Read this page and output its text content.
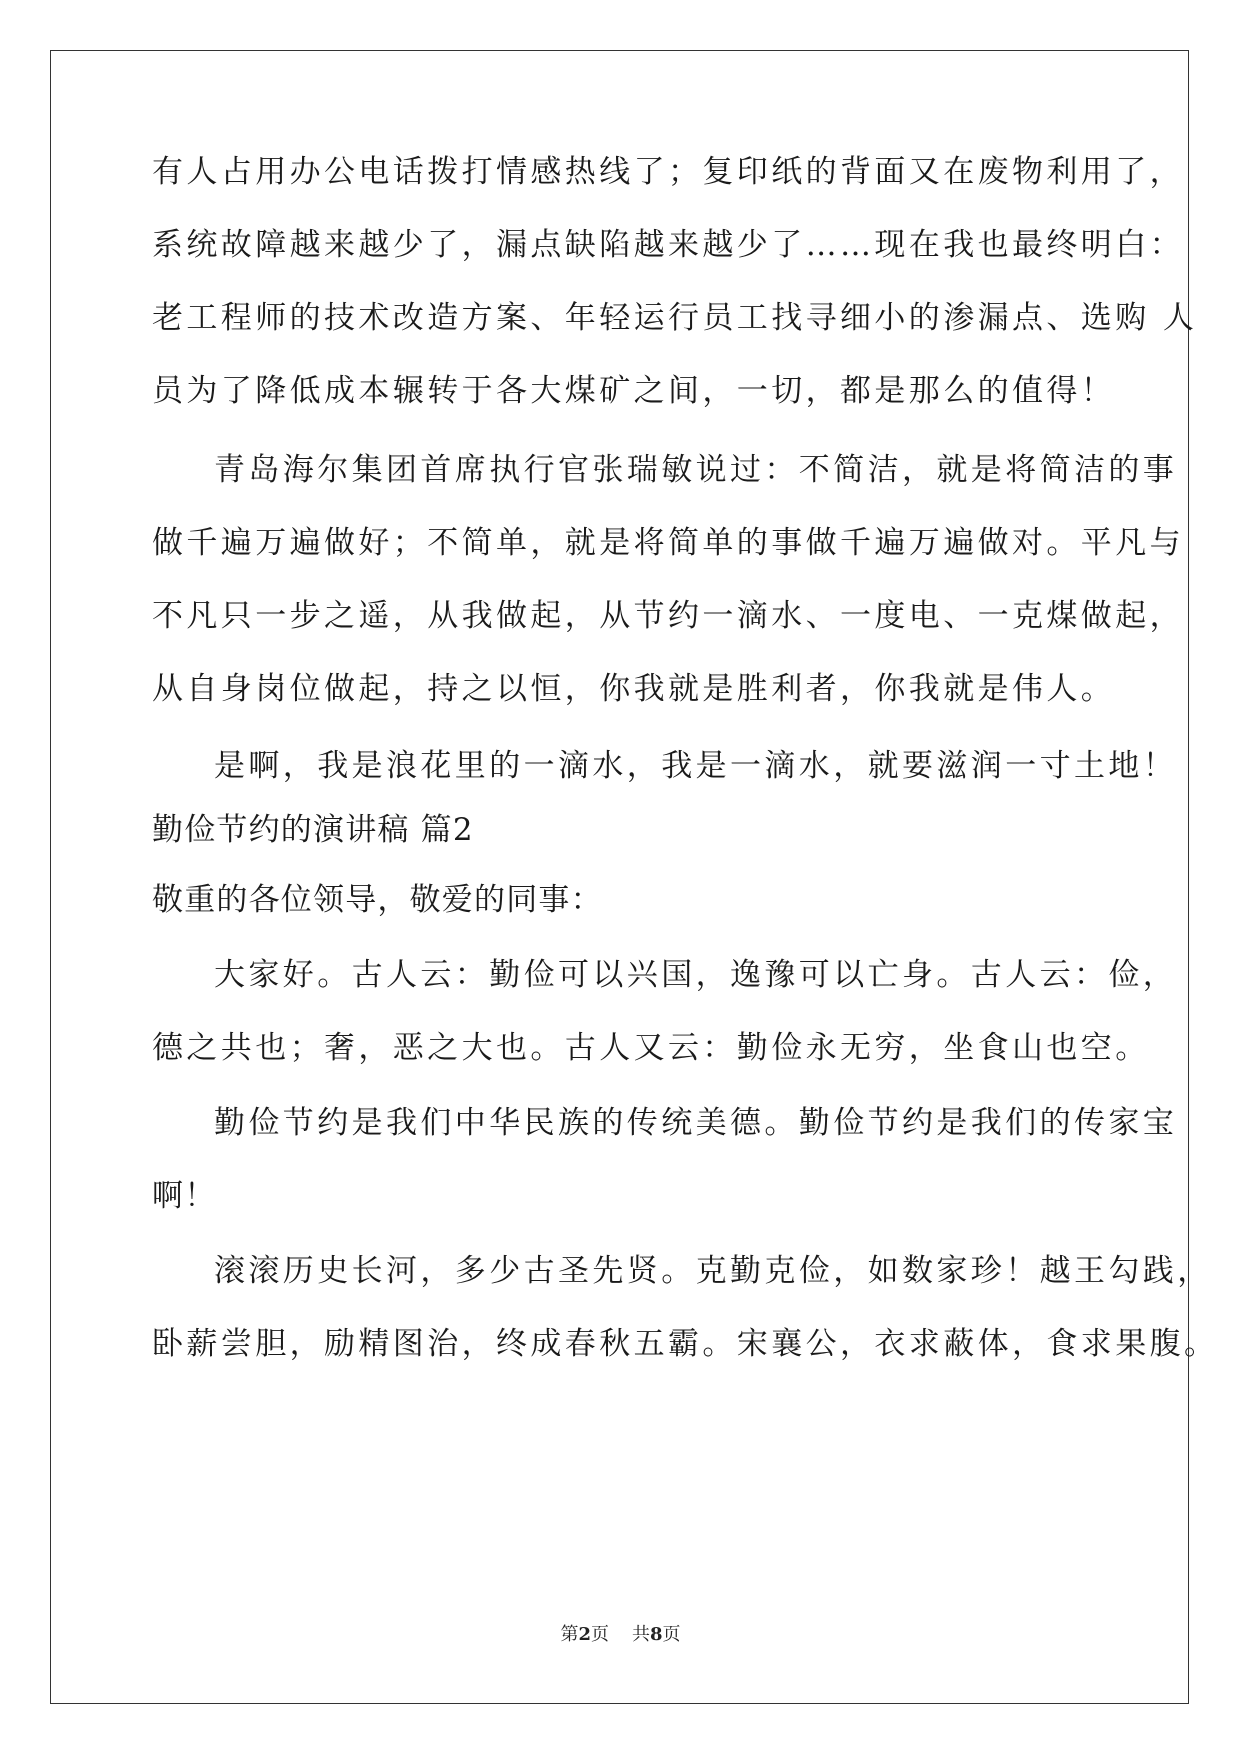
有人占用办公电话拨打情感热线了；复印纸的背面又在废物利用了，
系统故障越来越少了，漏点缺陷越来越少了……现在我也最终明白：
老工程师的技术改造方案、年轻运行员工找寻细小的渗漏点、选购 人
员为了降低成本辗转于各大煤矿之间，一切，都是那么的值得！
青岛海尔集团首席执行官张瑞敏说过：不简洁，就是将简洁的事
做千遍万遍做好；不简单，就是将简单的事做千遍万遍做对。平凡与
不凡只一步之遥，从我做起，从节约一滴水、一度电、一克煤做起，
从自身岗位做起，持之以恒，你我就是胜利者，你我就是伟人。
是啊，我是浪花里的一滴水，我是一滴水，就要滋润一寸土地！
勤俭节约的演讲稿 篇2
敬重的各位领导，敬爱的同事：
大家好。古人云：勤俭可以兴国，逸豫可以亡身。古人云：俭，
德之共也；奢，恶之大也。古人又云：勤俭永无穷，坐食山也空。
勤俭节约是我们中华民族的传统美德。勤俭节约是我们的传家宝
啊！
滚滚历史长河，多少古圣先贤。克勤克俭，如数家珍！越王勾践，
卧薪尝胆，励精图治，终成春秋五霸。宋襄公，衣求蔽体，食求果腹。
第2页 共8页
